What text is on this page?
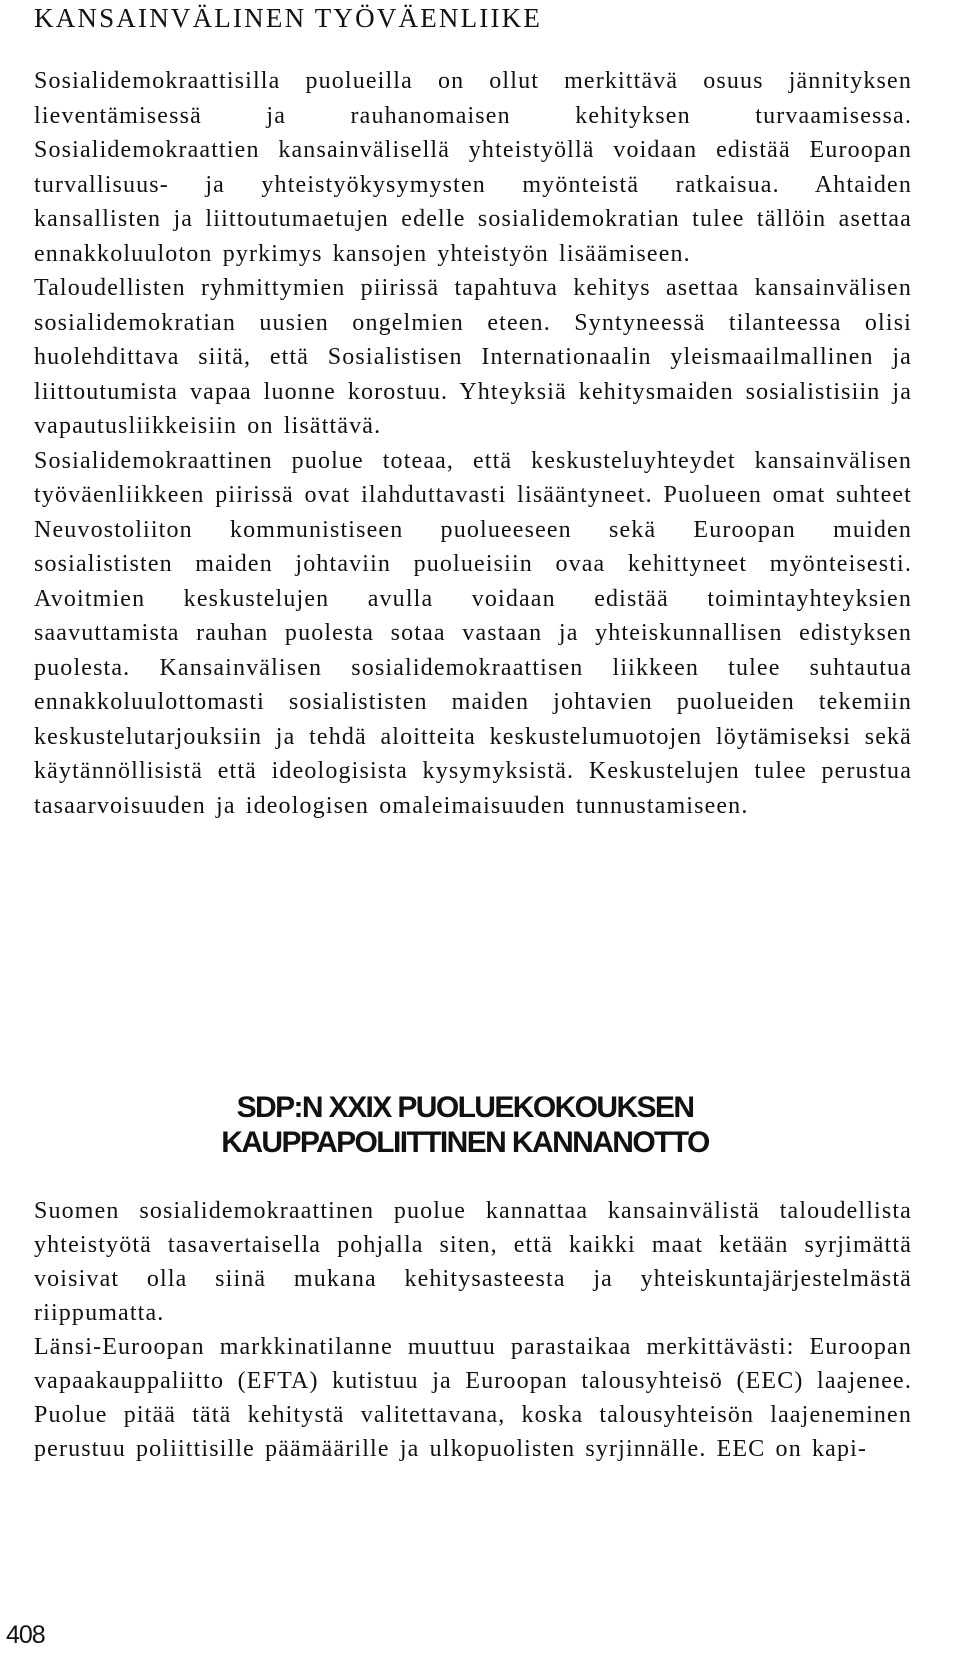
KANSAINVÄLINEN TYÖVÄENLIIKE

Sosialidemokraattisilla puolueilla on ollut merkittävä osuus jännityksen lieventämisessä ja rauhanomaisen kehityksen turvaamisessa. Sosialidemokraattien kansainvälisellä yhteistyöllä voidaan edistää Euroopan turvallisuus- ja yhteistyökysymysten myönteistä ratkaisua. Ahtaiden kansallisten ja liittoutumaetujen edelle sosialidemokratian tulee tällöin asettaa ennakkoluuloton pyrkimys kansojen yhteistyön lisäämiseen.

Taloudellisten ryhmittymien piirissä tapahtuva kehitys asettaa kansainvälisen sosialidemokratian uusien ongelmien eteen. Syntyneessä tilanteessa olisi huolehdittava siitä, että Sosialistisen Internationaalin yleismaailmallinen ja liittoutumista vapaa luonne korostuu. Yhteyksiä kehitysmaiden sosialistisiin ja vapautusliikkeisiin on lisättävä.

Sosialidemokraattinen puolue toteaa, että keskusteluyhteydet kansainvälisen työväenliikkeen piirissä ovat ilahduttavasti lisääntyneet. Puolueen omat suhteet Neuvostoliiton kommunistiseen puolueeseen sekä Euroopan muiden sosialististen maiden johtaviin puolueisiin ovaa kehittyneet myönteisesti. Avoitmien keskustelujen avulla voidaan edistää toimintayhteyksien saavuttamista rauhan puolesta sotaa vastaan ja yhteiskunnallisen edistyksen puolesta. Kansainvälisen sosialidemokraattisen liikkeen tulee suhtautua ennakkoluulottomasti sosialististen maiden johtavien puolueiden tekemiin keskustelutarjouksiin ja tehdä aloitteita keskustelumuotojen löytämiseksi sekä käytännöllisistä että ideologisista kysymyksistä. Keskustelujen tulee perustua tasaarvoisuuden ja ideologisen omaleimaisuuden tunnustamiseen.

SDP:N XXIX PUOLUEKOKOUKSEN
KAUPPAPOLIITTINEN KANNANOTTO

Suomen sosialidemokraattinen puolue kannattaa kansainvälistä taloudellista yhteistyötä tasavertaisella pohjalla siten, että kaikki maat ketään syrjimättä voisivat olla siinä mukana kehitysasteesta ja yhteiskuntajärjestelmästä riippumatta.

Länsi-Euroopan markkinatilanne muuttuu parastaikaa merkittävästi: Euroopan vapaakauppaliitto (EFTA) kutistuu ja Euroopan talousyhteisö (EEC) laajenee. Puolue pitää tätä kehitystä valitettavana, koska talousyhteisön laajeneminen perustuu poliittisille päämäärille ja ulkopuolisten syrjinnälle. EEC on kapi-

408
